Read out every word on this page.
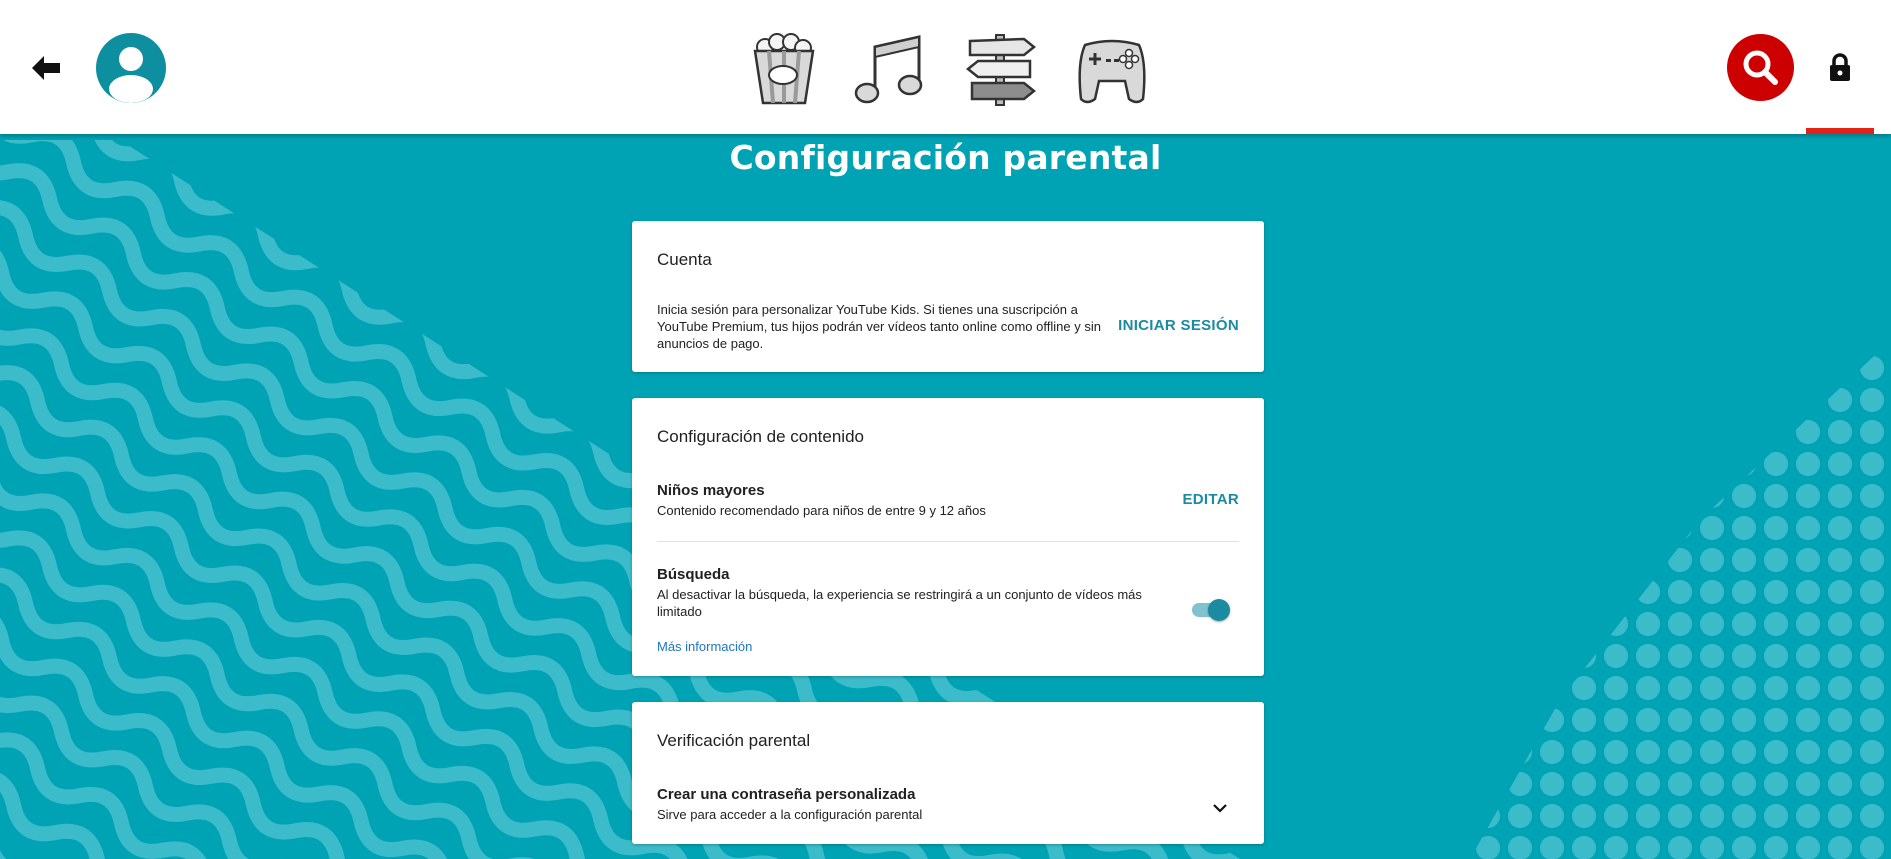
Configuración parental
Cuenta
Inicia sesión para personalizar YouTube Kids. Si tienes una suscripción a YouTube Premium, tus hijos podrán ver vídeos tanto online como offline y sin anuncios de pago.
INICIAR SESIÓN
Configuración de contenido
Niños mayores
Contenido recomendado para niños de entre 9 y 12 años
EDITAR
Búsqueda
Al desactivar la búsqueda, la experiencia se restringirá a un conjunto de vídeos más limitado
Más información
Verificación parental
Crear una contraseña personalizada
Sirve para acceder a la configuración parental
